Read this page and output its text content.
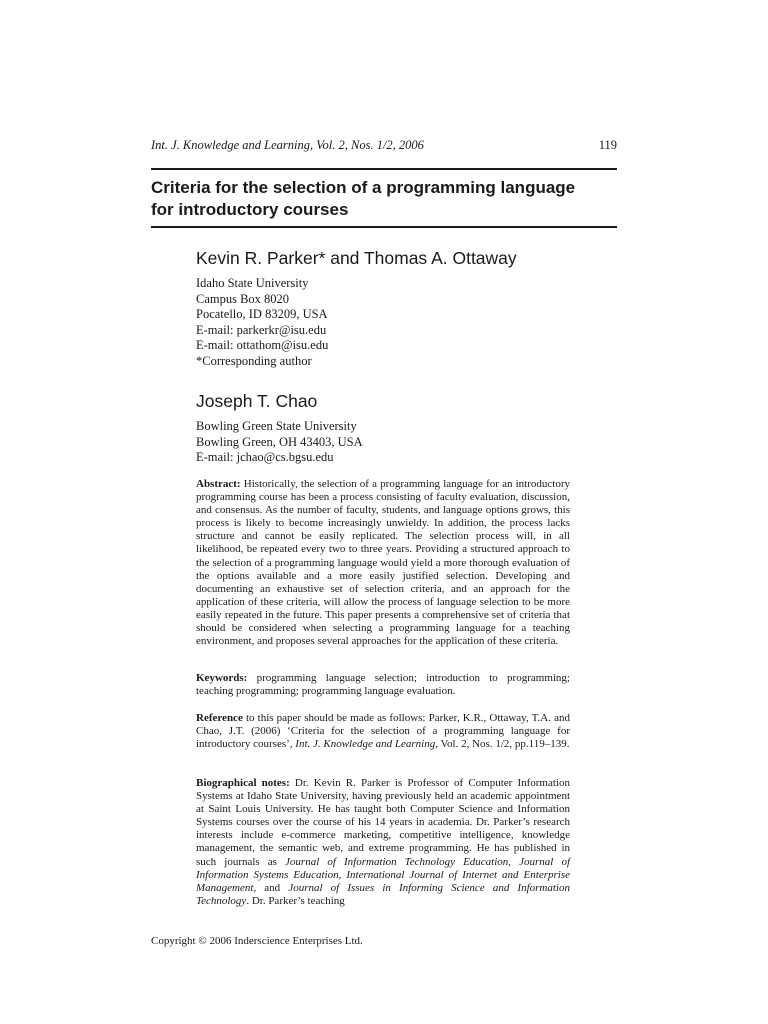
Int. J. Knowledge and Learning, Vol. 2, Nos. 1/2, 2006	119
Criteria for the selection of a programming language
for introductory courses
Kevin R. Parker* and Thomas A. Ottaway
Idaho State University
Campus Box 8020
Pocatello, ID 83209, USA
E-mail: parkerkr@isu.edu
E-mail: ottathom@isu.edu
*Corresponding author
Joseph T. Chao
Bowling Green State University
Bowling Green, OH 43403, USA
E-mail: jchao@cs.bgsu.edu
Abstract: Historically, the selection of a programming language for an introductory programming course has been a process consisting of faculty evaluation, discussion, and consensus. As the number of faculty, students, and language options grows, this process is likely to become increasingly unwieldy. In addition, the process lacks structure and cannot be easily replicated. The selection process will, in all likelihood, be repeated every two to three years. Providing a structured approach to the selection of a programming language would yield a more thorough evaluation of the options available and a more easily justified selection. Developing and documenting an exhaustive set of selection criteria, and an approach for the application of these criteria, will allow the process of language selection to be more easily repeated in the future. This paper presents a comprehensive set of criteria that should be considered when selecting a programming language for a teaching environment, and proposes several approaches for the application of these criteria.
Keywords: programming language selection; introduction to programming; teaching programming; programming language evaluation.
Reference to this paper should be made as follows: Parker, K.R., Ottaway, T.A. and Chao, J.T. (2006) ‘Criteria for the selection of a programming language for introductory courses’, Int. J. Knowledge and Learning, Vol. 2, Nos. 1/2, pp.119–139.
Biographical notes: Dr. Kevin R. Parker is Professor of Computer Information Systems at Idaho State University, having previously held an academic appointment at Saint Louis University. He has taught both Computer Science and Information Systems courses over the course of his 14 years in academia. Dr. Parker’s research interests include e-commerce marketing, competitive intelligence, knowledge management, the semantic web, and extreme programming. He has published in such journals as Journal of Information Technology Education, Journal of Information Systems Education, International Journal of Internet and Enterprise Management, and Journal of Issues in Informing Science and Information Technology. Dr. Parker’s teaching
Copyright © 2006 Inderscience Enterprises Ltd.
